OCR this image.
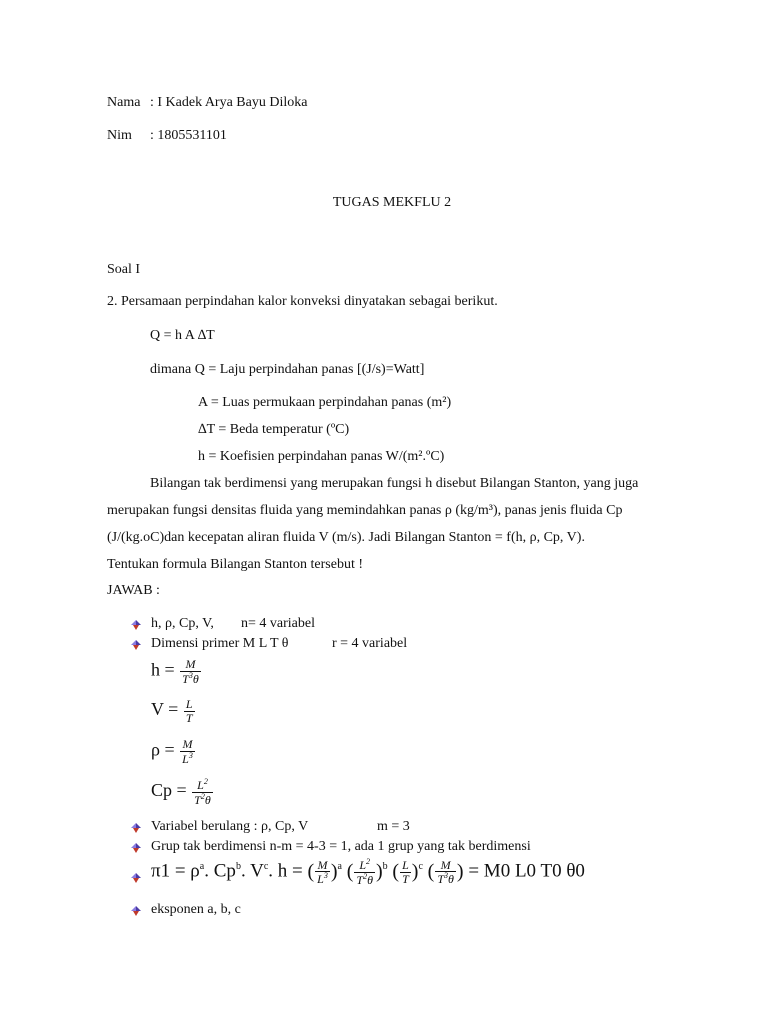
Nama : I Kadek Arya Bayu Diloka
Nim : 1805531101
TUGAS MEKFLU 2
Soal I
2. Persamaan perpindahan kalor konveksi dinyatakan sebagai berikut.
Q = h A ∆T
dimana Q = Laju perpindahan panas [(J/s)=Watt]
A = Luas permukaan perpindahan panas (m²)
∆T = Beda temperatur (ºC)
h = Koefisien perpindahan panas W/(m².ºC)
Bilangan tak berdimensi yang merupakan fungsi h disebut Bilangan Stanton, yang juga
merupakan fungsi densitas fluida yang memindahkan panas ρ (kg/m³), panas jenis fluida Cp
(J/(kg.oC)dan kecepatan aliran fluida V (m/s). Jadi Bilangan Stanton = f(h, ρ, Cp, V).
Tentukan formula Bilangan Stanton tersebut !
JAWAB :
h, ρ, Cp, V, n= 4 variabel
Dimensi primer M L T θ	r = 4 variabel
$h = \frac{M}{T^3\theta}$
$V = \frac{L}{T}$
$\rho = \frac{M}{L^3}$
$Cp = \frac{L^2}{T^2\theta}$
Variabel berulang : ρ, Cp, V	m = 3
Grup tak berdimensi n-m = 4-3 = 1, ada 1 grup yang tak berdimensi
$\pi 1 = \rho^a$. Cp$^b$. $V^c$. h = ( $\frac{M}{L^3} )^a$ ( $\frac{L^2}{T^2\theta} )^b$ ( $\frac{L}{T} )^c$ ( $\frac{M}{T^3\theta}$ ) = M0 L0 T0 θ0
eksponen a, b, c
